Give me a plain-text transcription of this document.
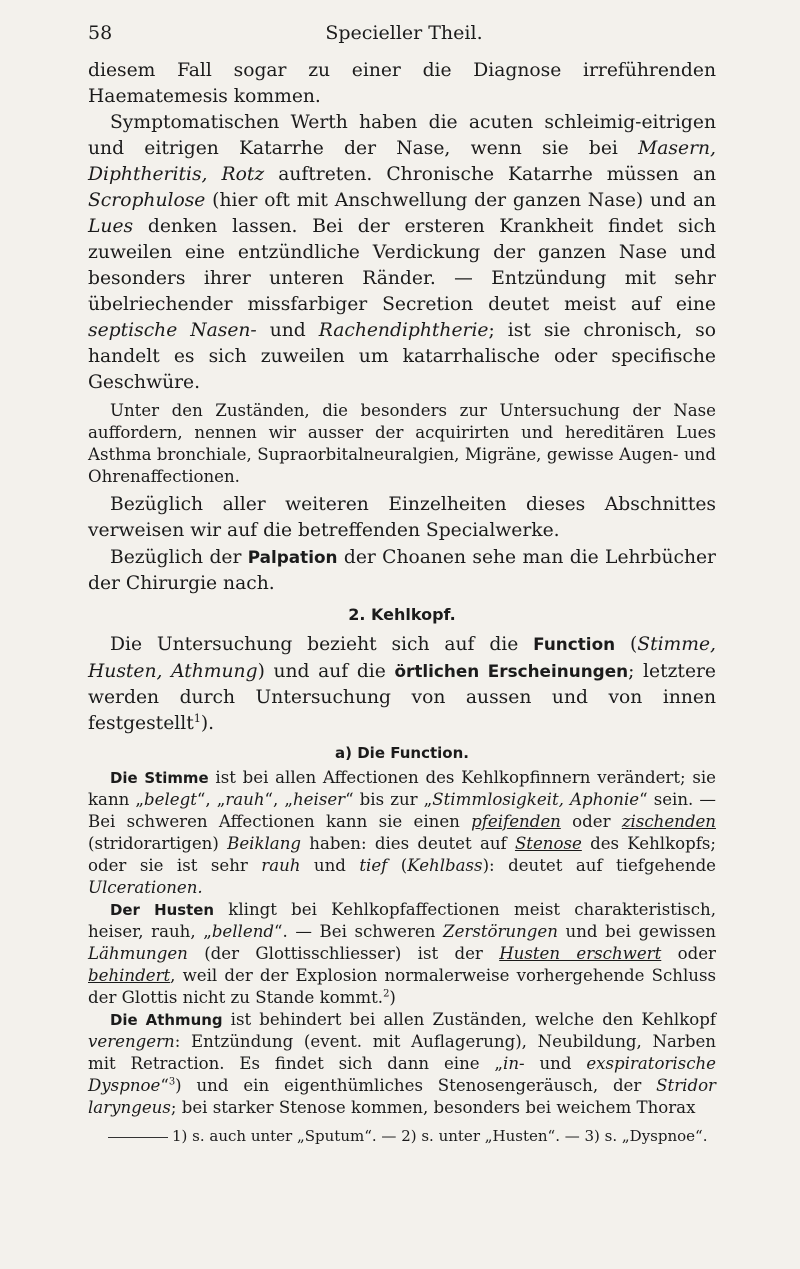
58	Specieller Theil.

diesem Fall sogar zu einer die Diagnose irreführenden Haematemesis kommen.

Symptomatischen Werth haben die acuten schleimig-eitrigen und eitrigen Katarrhe der Nase, wenn sie bei Masern, Diphtheritis, Rotz auftreten. Chronische Katarrhe müssen an Scrophulose (hier oft mit Anschwellung der ganzen Nase) und an Lues denken lassen. Bei der ersteren Krankheit findet sich zuweilen eine entzündliche Verdickung der ganzen Nase und besonders ihrer unteren Ränder. — Entzündung mit sehr übelriechender missfarbiger Secretion deutet meist auf eine septische Nasen- und Rachendiphtherie; ist sie chronisch, so handelt es sich zuweilen um katarrhalische oder specifische Geschwüre.

Unter den Zuständen, die besonders zur Untersuchung der Nase auffordern, nennen wir ausser der acquirirten und hereditären Lues Asthma bronchiale, Supraorbitalneuralgien, Migräne, gewisse Augen- und Ohrenaffectionen.

Bezüglich aller weiteren Einzelheiten dieses Abschnittes verweisen wir auf die betreffenden Specialwerke.

Bezüglich der Palpation der Choanen sehe man die Lehrbücher der Chirurgie nach.

2. Kehlkopf.

Die Untersuchung bezieht sich auf die Function (Stimme, Husten, Athmung) und auf die örtlichen Erscheinungen; letztere werden durch Untersuchung von aussen und von innen festgestellt$^1$).

a) Die Function.

Die Stimme ist bei allen Affectionen des Kehlkopfinnern verändert; sie kann „belegt“, „rauh“, „heiser“ bis zur „Stimmlosigkeit, Aphonie“ sein. — Bei schweren Affectionen kann sie einen pfeifenden oder zischenden (stridorartigen) Beiklang haben: dies deutet auf Stenose des Kehlkopfs; oder sie ist sehr rauh und tief (Kehlbass): deutet auf tiefgehende Ulcerationen.

Der Husten klingt bei Kehlkopfaffectionen meist charakteristisch, heiser, rauh, „bellend“. — Bei schweren Zerstörungen und bei gewissen Lähmungen (der Glottisschliesser) ist der Husten erschwert oder behindert, weil der der Explosion normalerweise vorhergehende Schluss der Glottis nicht zu Stande kommt.$^2$)

Die Athmung ist behindert bei allen Zuständen, welche den Kehlkopf verengern: Entzündung (event. mit Auflagerung), Neubildung, Narben mit Retraction. Es findet sich dann eine „in- und exspiratorische Dyspnoe“$^3$) und ein eigenthümliches Stenosengeräusch, der Stridor laryngeus; bei starker Stenose kommen, besonders bei weichem Thorax

1) s. auch unter „Sputum“. — 2) s. unter „Husten“. — 3) s. „Dyspnoe“.
